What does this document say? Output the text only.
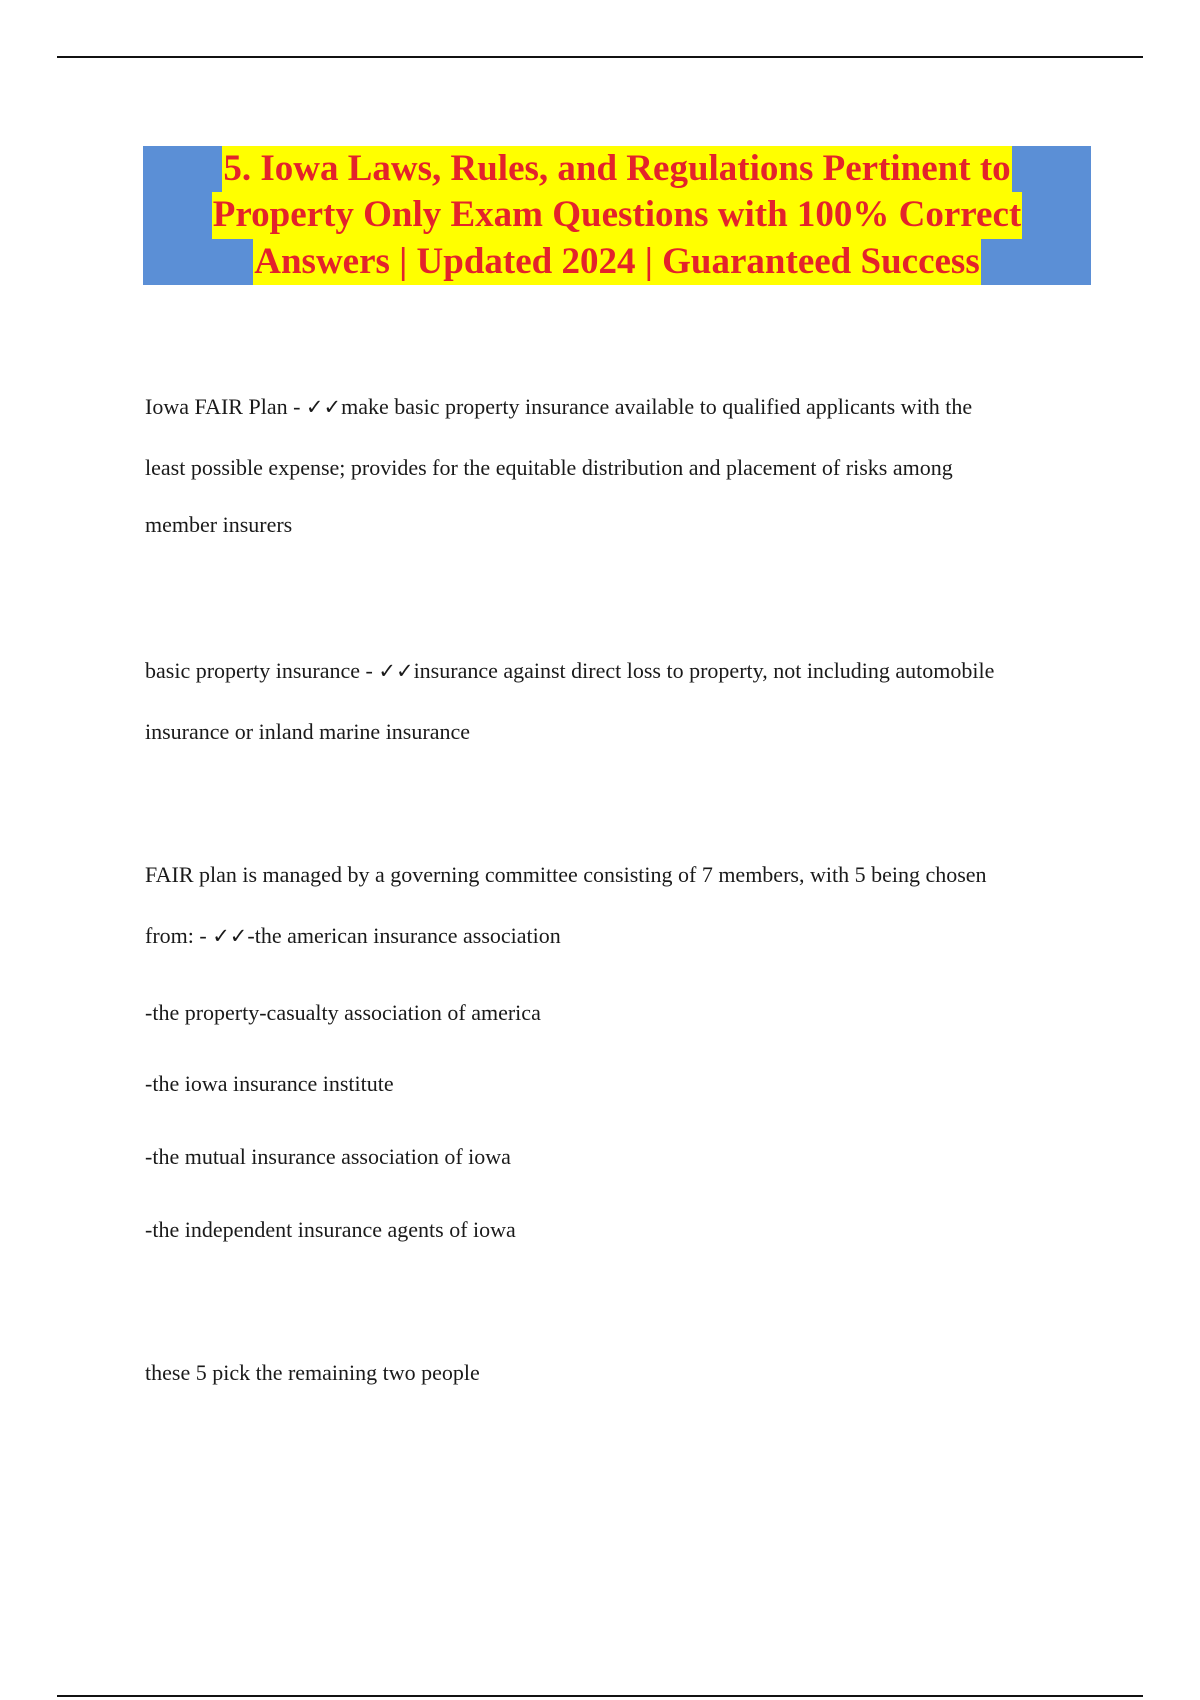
5. Iowa Laws, Rules, and Regulations Pertinent to
Property Only Exam Questions with 100% Correct
Answers | Updated 2024 | Guaranteed Success
Iowa FAIR Plan - ✓✓make basic property insurance available to qualified applicants with the
least possible expense; provides for the equitable distribution and placement of risks among
member insurers
basic property insurance - ✓✓insurance against direct loss to property, not including automobile
insurance or inland marine insurance
FAIR plan is managed by a governing committee consisting of 7 members, with 5 being chosen
from: - ✓✓-the american insurance association
-the property-casualty association of america
-the iowa insurance institute
-the mutual insurance association of iowa
-the independent insurance agents of iowa
these 5 pick the remaining two people
